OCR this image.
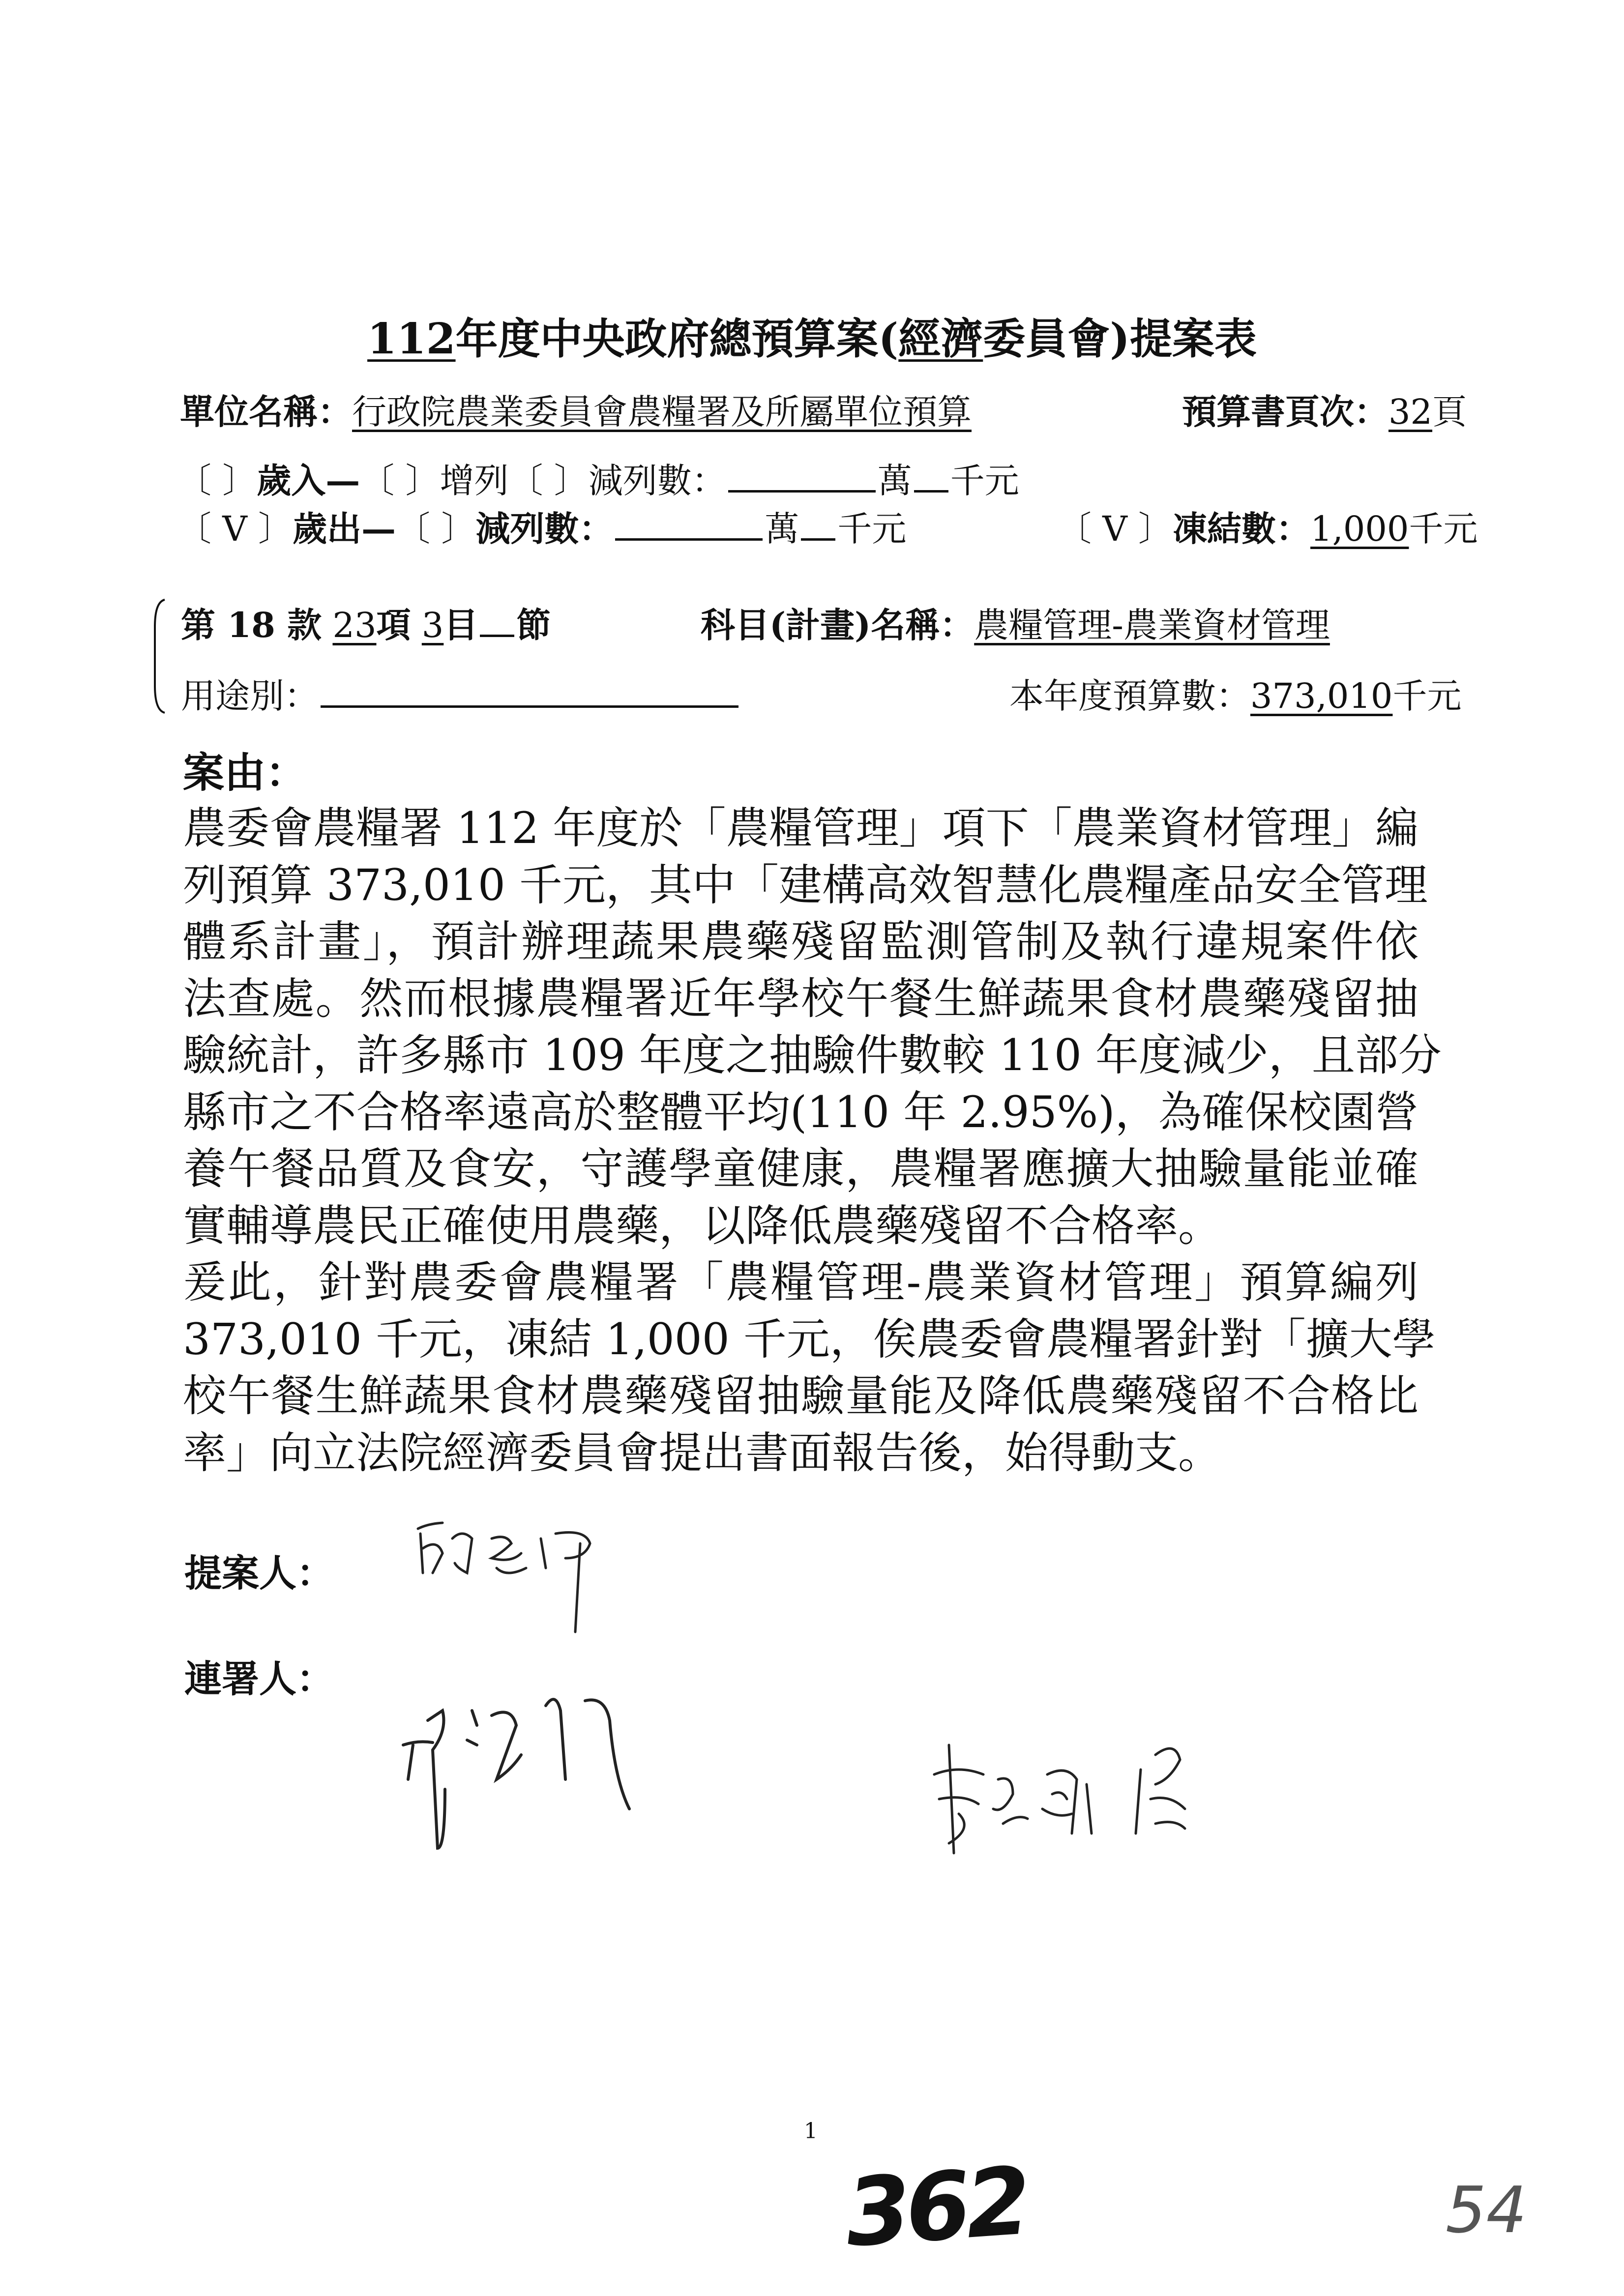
112年度中央政府總預算案(經濟委員會)提案表
單位名稱：行政院農業委員會農糧署及所屬單位預算	預算書頁次：32頁
〔 〕歲入—〔 〕增列〔 〕減列數：	萬 千元
〔 V 〕歲出—〔 〕減列數：	萬 千元	〔 V 〕凍結數：1,000千元
第 18 款 23項 3目 節	科目(計畫)名稱：農糧管理-農業資材管理
用途別：	本年度預算數：373,010千元
案由：
農委會農糧署 112 年度於「農糧管理」項下「農業資材管理」編
列預算 373,010 千元，其中「建構高效智慧化農糧產品安全管理
體系計畫」，預計辦理蔬果農藥殘留監測管制及執行違規案件依
法查處。然而根據農糧署近年學校午餐生鮮蔬果食材農藥殘留抽
驗統計，許多縣市 109 年度之抽驗件數較 110 年度減少，且部分
縣市之不合格率遠高於整體平均(110 年 2.95%)，為確保校園營
養午餐品質及食安，守護學童健康，農糧署應擴大抽驗量能並確
實輔導農民正確使用農藥，以降低農藥殘留不合格率。
爰此，針對農委會農糧署「農糧管理-農業資材管理」預算編列
373,010 千元，凍結 1,000 千元，俟農委會農糧署針對「擴大學
校午餐生鮮蔬果食材農藥殘留抽驗量能及降低農藥殘留不合格比
率」向立法院經濟委員會提出書面報告後，始得動支。
提案人：
連署人：
1
362	54
